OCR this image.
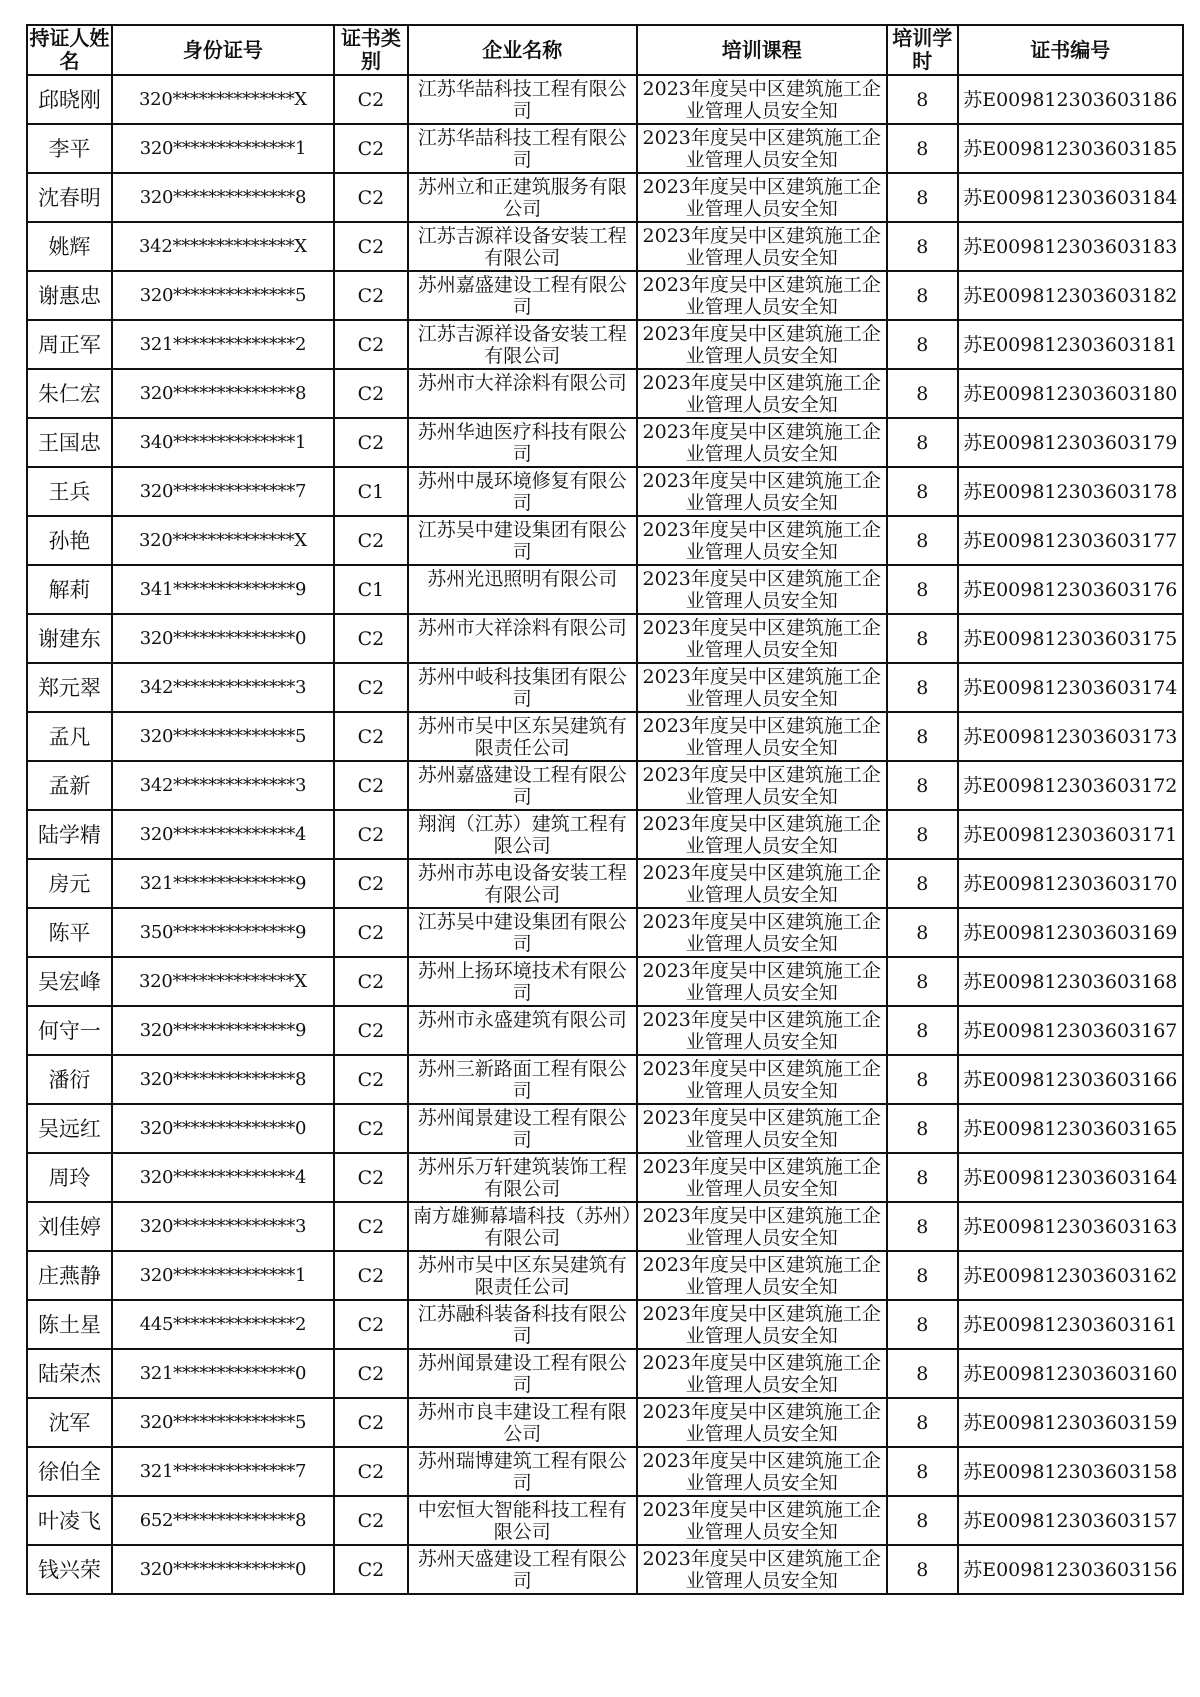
持证人姓名	身份证号	证书类别	企业名称	培训课程	培训学时	证书编号
邱晓刚	320**************X	C2	江苏华喆科技工程有限公司	2023年度吴中区建筑施工企业管理人员安全知	8	苏E009812303603186
李平	320**************1	C2	江苏华喆科技工程有限公司	2023年度吴中区建筑施工企业管理人员安全知	8	苏E009812303603185
沈春明	320**************8	C2	苏州立和正建筑服务有限公司	2023年度吴中区建筑施工企业管理人员安全知	8	苏E009812303603184
姚辉	342**************X	C2	江苏吉源祥设备安装工程有限公司	2023年度吴中区建筑施工企业管理人员安全知	8	苏E009812303603183
谢惠忠	320**************5	C2	苏州嘉盛建设工程有限公司	2023年度吴中区建筑施工企业管理人员安全知	8	苏E009812303603182
周正军	321**************2	C2	江苏吉源祥设备安装工程有限公司	2023年度吴中区建筑施工企业管理人员安全知	8	苏E009812303603181
朱仁宏	320**************8	C2	苏州市大祥涂料有限公司	2023年度吴中区建筑施工企业管理人员安全知	8	苏E009812303603180
王国忠	340**************1	C2	苏州华迪医疗科技有限公司	2023年度吴中区建筑施工企业管理人员安全知	8	苏E009812303603179
王兵	320**************7	C1	苏州中晟环境修复有限公司	2023年度吴中区建筑施工企业管理人员安全知	8	苏E009812303603178
孙艳	320**************X	C2	江苏吴中建设集团有限公司	2023年度吴中区建筑施工企业管理人员安全知	8	苏E009812303603177
解莉	341**************9	C1	苏州光迅照明有限公司	2023年度吴中区建筑施工企业管理人员安全知	8	苏E009812303603176
谢建东	320**************0	C2	苏州市大祥涂料有限公司	2023年度吴中区建筑施工企业管理人员安全知	8	苏E009812303603175
郑元翠	342**************3	C2	苏州中岐科技集团有限公司	2023年度吴中区建筑施工企业管理人员安全知	8	苏E009812303603174
孟凡	320**************5	C2	苏州市吴中区东吴建筑有限责任公司	2023年度吴中区建筑施工企业管理人员安全知	8	苏E009812303603173
孟新	342**************3	C2	苏州嘉盛建设工程有限公司	2023年度吴中区建筑施工企业管理人员安全知	8	苏E009812303603172
陆学精	320**************4	C2	翔润（江苏）建筑工程有限公司	2023年度吴中区建筑施工企业管理人员安全知	8	苏E009812303603171
房元	321**************9	C2	苏州市苏电设备安装工程有限公司	2023年度吴中区建筑施工企业管理人员安全知	8	苏E009812303603170
陈平	350**************9	C2	江苏吴中建设集团有限公司	2023年度吴中区建筑施工企业管理人员安全知	8	苏E009812303603169
吴宏峰	320**************X	C2	苏州上扬环境技术有限公司	2023年度吴中区建筑施工企业管理人员安全知	8	苏E009812303603168
何守一	320**************9	C2	苏州市永盛建筑有限公司	2023年度吴中区建筑施工企业管理人员安全知	8	苏E009812303603167
潘衍	320**************8	C2	苏州三新路面工程有限公司	2023年度吴中区建筑施工企业管理人员安全知	8	苏E009812303603166
吴远红	320**************0	C2	苏州闻景建设工程有限公司	2023年度吴中区建筑施工企业管理人员安全知	8	苏E009812303603165
周玲	320**************4	C2	苏州乐万轩建筑装饰工程有限公司	2023年度吴中区建筑施工企业管理人员安全知	8	苏E009812303603164
刘佳婷	320**************3	C2	南方雄狮幕墙科技（苏州）有限公司	2023年度吴中区建筑施工企业管理人员安全知	8	苏E009812303603163
庄燕静	320**************1	C2	苏州市吴中区东吴建筑有限责任公司	2023年度吴中区建筑施工企业管理人员安全知	8	苏E009812303603162
陈土星	445**************2	C2	江苏融科装备科技有限公司	2023年度吴中区建筑施工企业管理人员安全知	8	苏E009812303603161
陆荣杰	321**************0	C2	苏州闻景建设工程有限公司	2023年度吴中区建筑施工企业管理人员安全知	8	苏E009812303603160
沈军	320**************5	C2	苏州市良丰建设工程有限公司	2023年度吴中区建筑施工企业管理人员安全知	8	苏E009812303603159
徐伯全	321**************7	C2	苏州瑞博建筑工程有限公司	2023年度吴中区建筑施工企业管理人员安全知	8	苏E009812303603158
叶凌飞	652**************8	C2	中宏恒大智能科技工程有限公司	2023年度吴中区建筑施工企业管理人员安全知	8	苏E009812303603157
钱兴荣	320**************0	C2	苏州天盛建设工程有限公司	2023年度吴中区建筑施工企业管理人员安全知	8	苏E009812303603156
